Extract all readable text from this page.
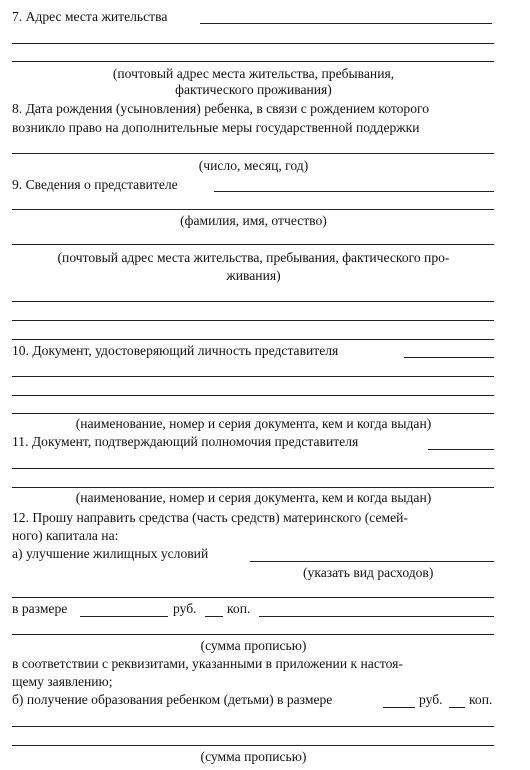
7. Адрес места жительства
(почтовый адрес места жительства, пребывания,
фактического проживания)
8. Дата рождения (усыновления) ребенка, в связи с рождением которого
возникло право на дополнительные меры государственной поддержки
(число, месяц, год)
9. Сведения о представителе
(фамилия, имя, отчество)
(почтовый адрес места жительства, пребывания, фактического про-
живания)
10. Документ, удостоверяющий личность представителя
(наименование, номер и серия документа, кем и когда выдан)
11. Документ, подтверждающий полномочия представителя
(наименование, номер и серия документа, кем и когда выдан)
12. Прошу направить средства (часть средств) материнского (семей-
ного) капитала на:
а) улучшение жилищных условий
(указать вид расходов)
в размере	руб. коп.
(сумма прописью)
в соответствии с реквизитами, указанными в приложении к настоя-
щему заявлению;
б) получение образования ребенком (детьми) в размере	руб. коп.
(сумма прописью)
